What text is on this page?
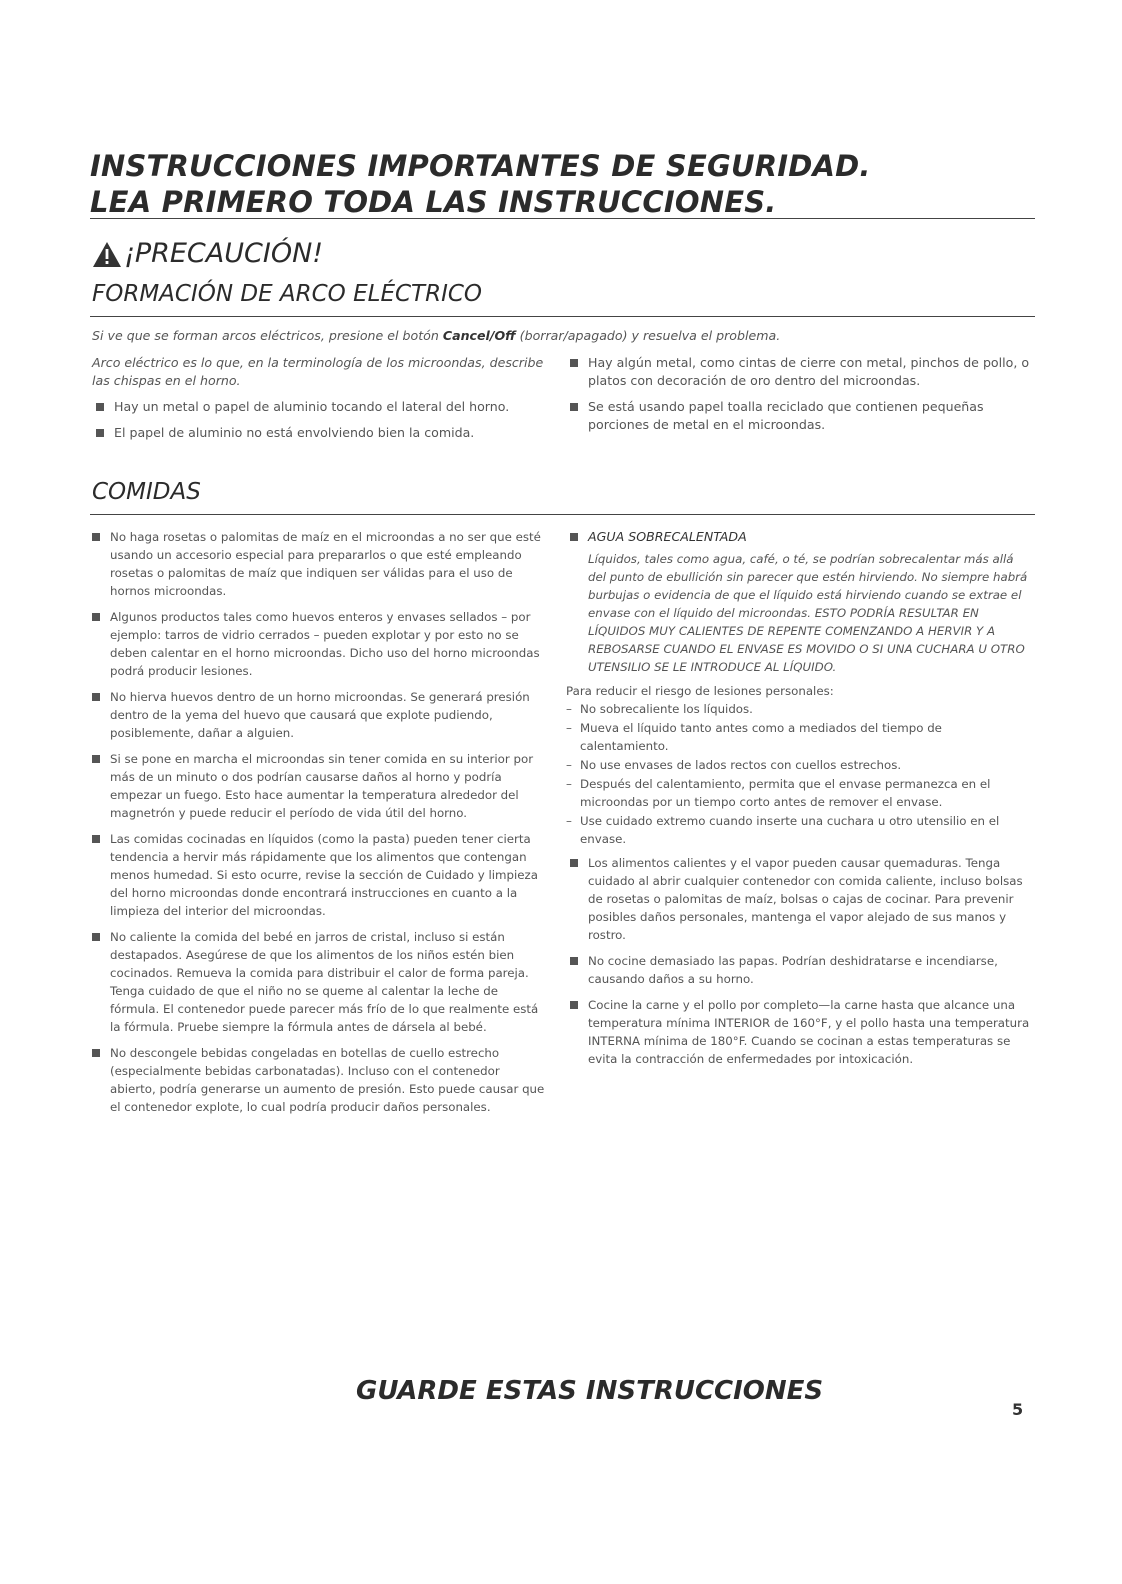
INSTRUCCIONES IMPORTANTES DE SEGURIDAD.
LEA PRIMERO TODA LAS INSTRUCCIONES.
¡PRECAUCIÓN!
FORMACIÓN DE ARCO ELÉCTRICO
Si ve que se forman arcos eléctricos, presione el botón Cancel/Off (borrar/apagado) y resuelva el problema.
Arco eléctrico es lo que, en la terminología de los microondas, describe las chispas en el horno.
Hay un metal o papel de aluminio tocando el lateral del horno.
El papel de aluminio no está envolviendo bien la comida.
Hay algún metal, como cintas de cierre con metal, pinchos de pollo, o platos con decoración de oro dentro del microondas.
Se está usando papel toalla reciclado que contienen pequeñas porciones de metal en el microondas.
COMIDAS
No haga rosetas o palomitas de maíz en el microondas a no ser que esté usando un accesorio especial para prepararlos o que esté empleando rosetas o palomitas de maíz que indiquen ser válidas para el uso de hornos microondas.
Algunos productos tales como huevos enteros y envases sellados – por ejemplo: tarros de vidrio cerrados – pueden explotar y por esto no se deben calentar en el horno microondas. Dicho uso del horno microondas podrá producir lesiones.
No hierva huevos dentro de un horno microondas. Se generará presión dentro de la yema del huevo que causará que explote pudiendo, posiblemente, dañar a alguien.
Si se pone en marcha el microondas sin tener comida en su interior por más de un minuto o dos podrían causarse daños al horno y podría empezar un fuego. Esto hace aumentar la temperatura alrededor del magnetrón y puede reducir el período de vida útil del horno.
Las comidas cocinadas en líquidos (como la pasta) pueden tener cierta tendencia a hervir más rápidamente que los alimentos que contengan menos humedad. Si esto ocurre, revise la sección de Cuidado y limpieza del horno microondas donde encontrará instrucciones en cuanto a la limpieza del interior del microondas.
No caliente la comida del bebé en jarros de cristal, incluso si están destapados. Asegúrese de que los alimentos de los niños estén bien cocinados. Remueva la comida para distribuir el calor de forma pareja. Tenga cuidado de que el niño no se queme al calentar la leche de fórmula. El contenedor puede parecer más frío de lo que realmente está la fórmula. Pruebe siempre la fórmula antes de dársela al bebé.
No descongele bebidas congeladas en botellas de cuello estrecho (especialmente bebidas carbonatadas). Incluso con el contenedor abierto, podría generarse un aumento de presión. Esto puede causar que el contenedor explote, lo cual podría producir daños personales.
AGUA SOBRECALENTADA
Líquidos, tales como agua, café, o té, se podrían sobrecalentar más allá del punto de ebullición sin parecer que estén hirviendo. No siempre habrá burbujas o evidencia de que el líquido está hirviendo cuando se extrae el envase con el líquido del microondas. ESTO PODRÍA RESULTAR EN LÍQUIDOS MUY CALIENTES DE REPENTE COMENZANDO A HERVIR Y A REBOSARSE CUANDO EL ENVASE ES MOVIDO O SI UNA CUCHARA U OTRO UTENSILIO SE LE INTRODUCE AL LÍQUIDO.
Para reducir el riesgo de lesiones personales:
– No sobrecaliente los líquidos.
– Mueva el líquido tanto antes como a mediados del tiempo de calentamiento.
– No use envases de lados rectos con cuellos estrechos.
– Después del calentamiento, permita que el envase permanezca en el microondas por un tiempo corto antes de remover el envase.
– Use cuidado extremo cuando inserte una cuchara u otro utensilio en el envase.
Los alimentos calientes y el vapor pueden causar quemaduras. Tenga cuidado al abrir cualquier contenedor con comida caliente, incluso bolsas de rosetas o palomitas de maíz, bolsas o cajas de cocinar. Para prevenir posibles daños personales, mantenga el vapor alejado de sus manos y rostro.
No cocine demasiado las papas. Podrían deshidratarse e incendiarse, causando daños a su horno.
Cocine la carne y el pollo por completo—la carne hasta que alcance una temperatura mínima INTERIOR de 160°F, y el pollo hasta una temperatura INTERNA mínima de 180°F. Cuando se cocinan a estas temperaturas se evita la contracción de enfermedades por intoxicación.
GUARDE ESTAS INSTRUCCIONES
5
